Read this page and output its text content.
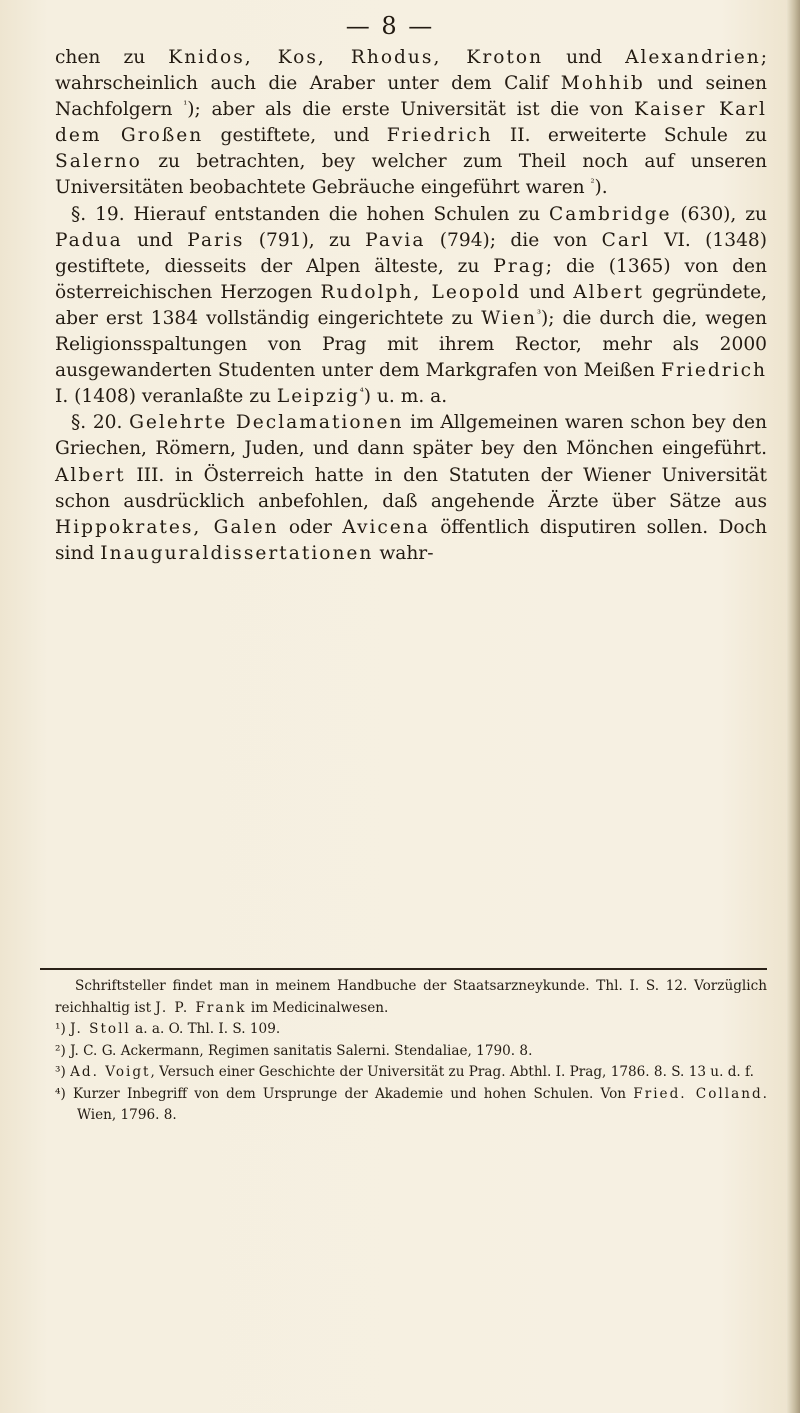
— 8 —

chen zu Knidos, Kos, Rhodus, Kroton und Alexandrien; wahrscheinlich auch die Araber unter dem Calif Mohhib und seinen Nachfolgern $^{^1}$); aber als die erste Universität ist die von Kaiser Karl dem Großen gestiftete, und Friedrich II. erweiterte Schule zu Salerno zu betrachten, bey welcher zum Theil noch auf unseren Universitäten beobachtete Gebräuche eingeführt waren $^{^2}$).

§. 19. Hierauf entstanden die hohen Schulen zu Cambridge (630), zu Padua und Paris (791), zu Pavia (794); die von Carl VI. (1348) gestiftete, diesseits der Alpen älteste, zu Prag; die (1365) von den österreichischen Herzogen Rudolph, Leopold und Albert gegründete, aber erst 1384 vollständig eingerichtete zu Wien$^{^3}$); die durch die, wegen Religionsspaltungen von Prag mit ihrem Rector, mehr als 2000 ausgewanderten Studenten unter dem Markgrafen von Meißen Friedrich I. (1408) veranlaßte zu Leipzig$^{^4}$) u. m. a.

§. 20. Gelehrte Declamationen im Allgemeinen waren schon bey den Griechen, Römern, Juden, und dann später bey den Mönchen eingeführt. Albert III. in Österreich hatte in den Statuten der Wiener Universität schon ausdrücklich anbefohlen, daß angehende Ärzte über Sätze aus Hippokrates, Galen oder Avicena öffentlich disputiren sollen. Doch sind Inauguraldissertationen wahr-

Schriftsteller findet man in meinem Handbuche der Staatsarzneykunde. Thl. I. S. 12. Vorzüglich reichhaltig ist J. P. Frank im Medicinalwesen.

¹) J. Stoll a. a. O. Thl. I. S. 109.

²) J. C. G. Ackermann, Regimen sanitatis Salerni. Stendaliae, 1790. 8.

³) Ad. Voigt, Versuch einer Geschichte der Universität zu Prag. Abthl. I. Prag, 1786. 8. S. 13 u. d. f.

⁴) Kurzer Inbegriff von dem Ursprunge der Akademie und hohen Schulen. Von Fried. Colland. Wien, 1796. 8.
